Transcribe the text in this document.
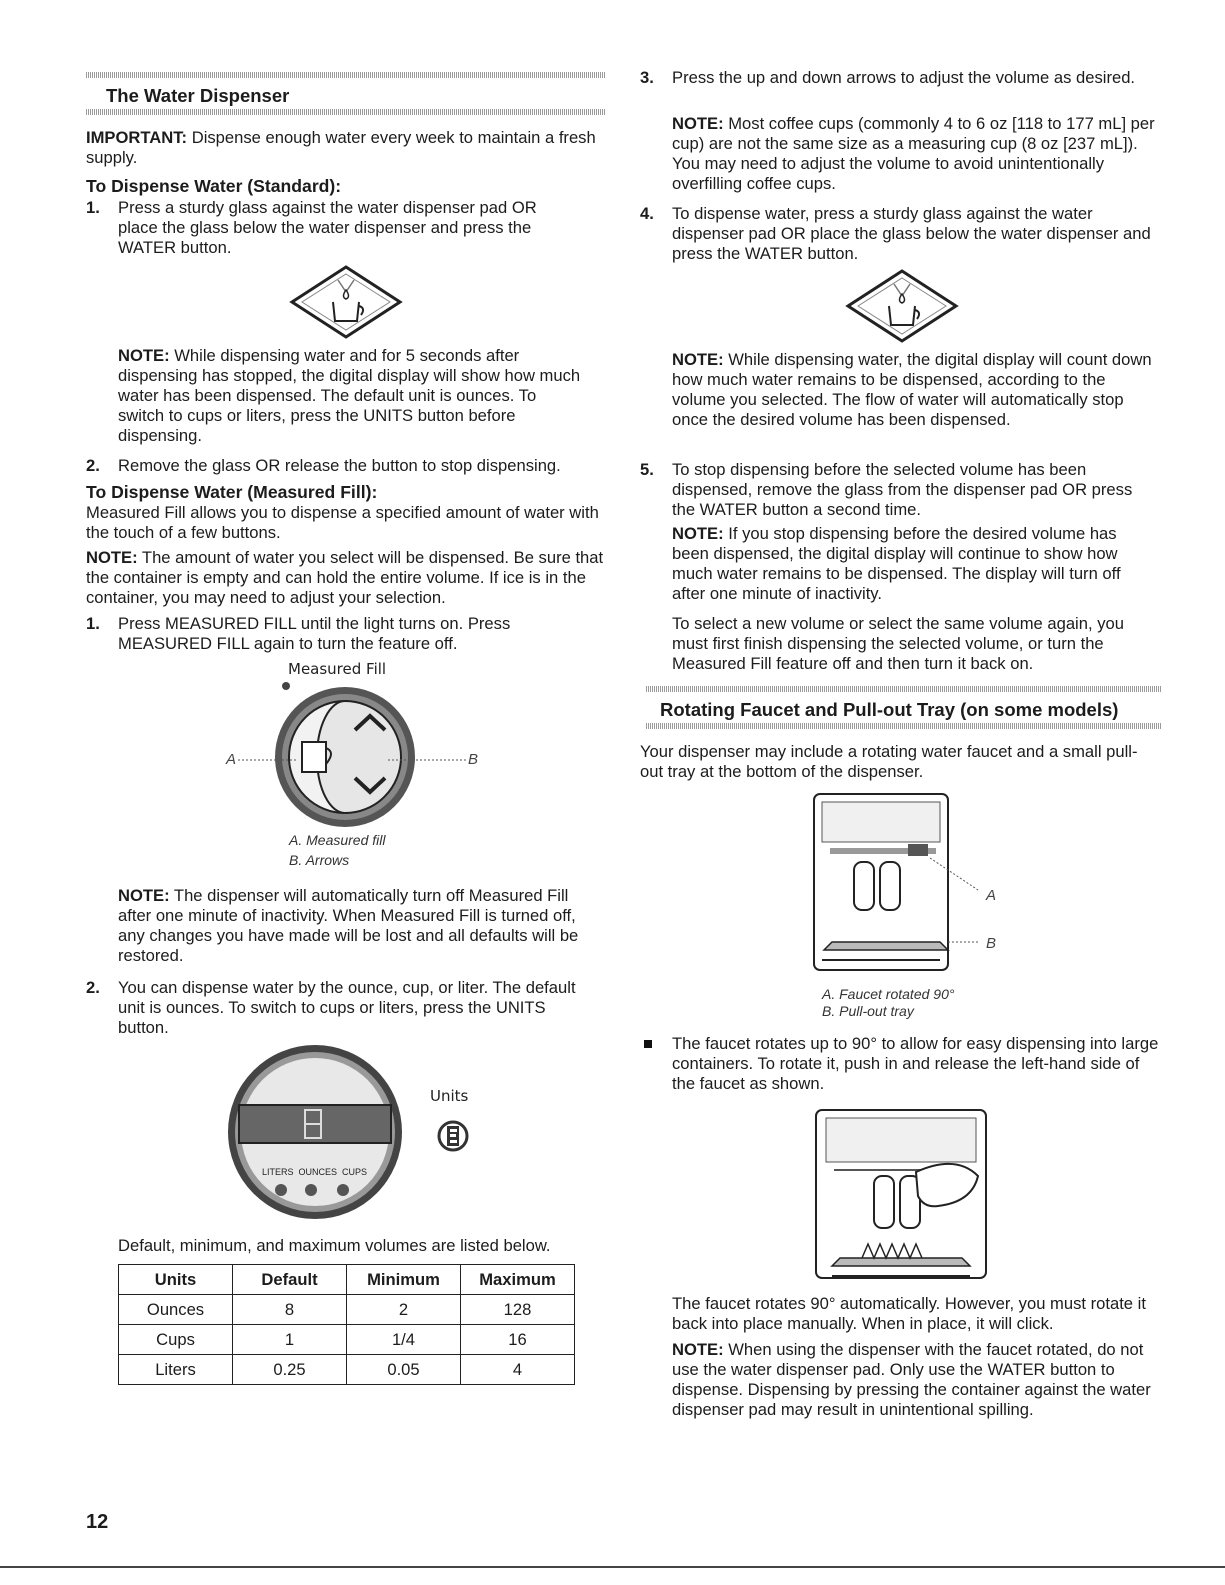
The Water Dispenser

IMPORTANT: Dispense enough water every week to maintain a fresh supply.

To Dispense Water (Standard):
1. Press a sturdy glass against the water dispenser pad OR place the glass below the water dispenser and press the WATER button.

NOTE: While dispensing water and for 5 seconds after dispensing has stopped, the digital display will show how much water has been dispensed. The default unit is ounces. To switch to cups or liters, press the UNITS button before dispensing.

2. Remove the glass OR release the button to stop dispensing.
To Dispense Water (Measured Fill):

Measured Fill allows you to dispense a specified amount of water with the touch of a few buttons.

NOTE: The amount of water you select will be dispensed. Be sure that the container is empty and can hold the entire volume. If ice is in the container, you may need to adjust your selection.

1. Press MEASURED FILL until the light turns on. Press MEASURED FILL again to turn the feature off.
Measured Fill
A	B
A. Measured fill
B. Arrows

NOTE: The dispenser will automatically turn off Measured Fill after one minute of inactivity. When Measured Fill is turned off, any changes you have made will be lost and all defaults will be restored.

2. You can dispense water by the ounce, cup, or liter. The default unit is ounces. To switch to cups or liters, press the UNITS button.
LITERS  OUNCES  CUPS
Units

Default, minimum, and maximum volumes are listed below.

Units	Default	Minimum	Maximum
Ounces	8	2	128
Cups	1	1/4	16
Liters	0.25	0.05	4
3. Press the up and down arrows to adjust the volume as desired.

NOTE: Most coffee cups (commonly 4 to 6 oz [118 to 177 mL] per cup) are not the same size as a measuring cup (8 oz [237 mL]). You may need to adjust the volume to avoid unintentionally overfilling coffee cups.

4. To dispense water, press a sturdy glass against the water dispenser pad OR place the glass below the water dispenser and press the WATER button.

NOTE: While dispensing water, the digital display will count down how much water remains to be dispensed, according to the volume you selected. The flow of water will automatically stop once the desired volume has been dispensed.

5. To stop dispensing before the selected volume has been dispensed, remove the glass from the dispenser pad OR press the WATER button a second time.

NOTE: If you stop dispensing before the desired volume has been dispensed, the digital display will continue to show how much water remains to be dispensed. The display will turn off after one minute of inactivity.

To select a new volume or select the same volume again, you must first finish dispensing the selected volume, or turn the Measured Fill feature off and then turn it back on.

Rotating Faucet and Pull-out Tray (on some models)

Your dispenser may include a rotating water faucet and a small pull-out tray at the bottom of the dispenser.

A
B
A. Faucet rotated 90°
B. Pull-out tray

The faucet rotates up to 90° to allow for easy dispensing into large containers. To rotate it, push in and release the left-hand side of the faucet as shown.

The faucet rotates 90° automatically. However, you must rotate it back into place manually. When in place, it will click.

NOTE: When using the dispenser with the faucet rotated, do not use the water dispenser pad. Only use the WATER button to dispense. Dispensing by pressing the container against the water dispenser pad may result in unintentional spilling.

12
